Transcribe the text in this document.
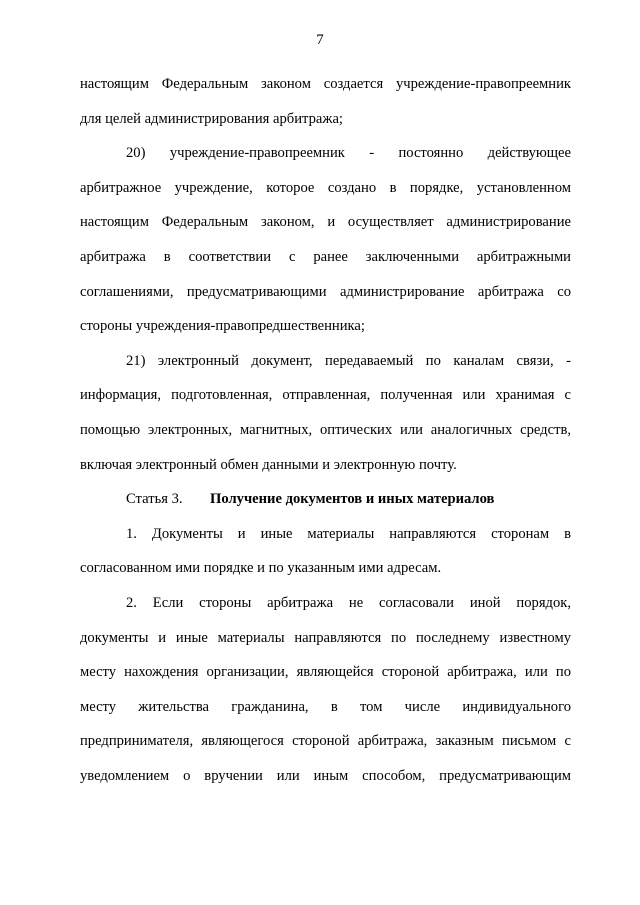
7
настоящим Федеральным законом создается учреждение-правопреемник
для целей администрирования арбитража;
20) учреждение-правопреемник - постоянно действующее
арбитражное учреждение, которое создано в порядке, установленном
настоящим Федеральным законом, и осуществляет администрирование
арбитража в соответствии с ранее заключенными арбитражными
соглашениями, предусматривающими администрирование арбитража со
стороны учреждения-правопредшественника;
21) электронный документ, передаваемый по каналам связи, -
информация, подготовленная, отправленная, полученная или хранимая с
помощью электронных, магнитных, оптических или аналогичных средств,
включая электронный обмен данными и электронную почту.
Статья 3. Получение документов и иных материалов
1. Документы и иные материалы направляются сторонам в
согласованном ими порядке и по указанным ими адресам.
2. Если стороны арбитража не согласовали иной порядок,
документы и иные материалы направляются по последнему известному
месту нахождения организации, являющейся стороной арбитража, или по
месту жительства гражданина, в том числе индивидуального
предпринимателя, являющегося стороной арбитража, заказным письмом с
уведомлением о вручении или иным способом, предусматривающим
